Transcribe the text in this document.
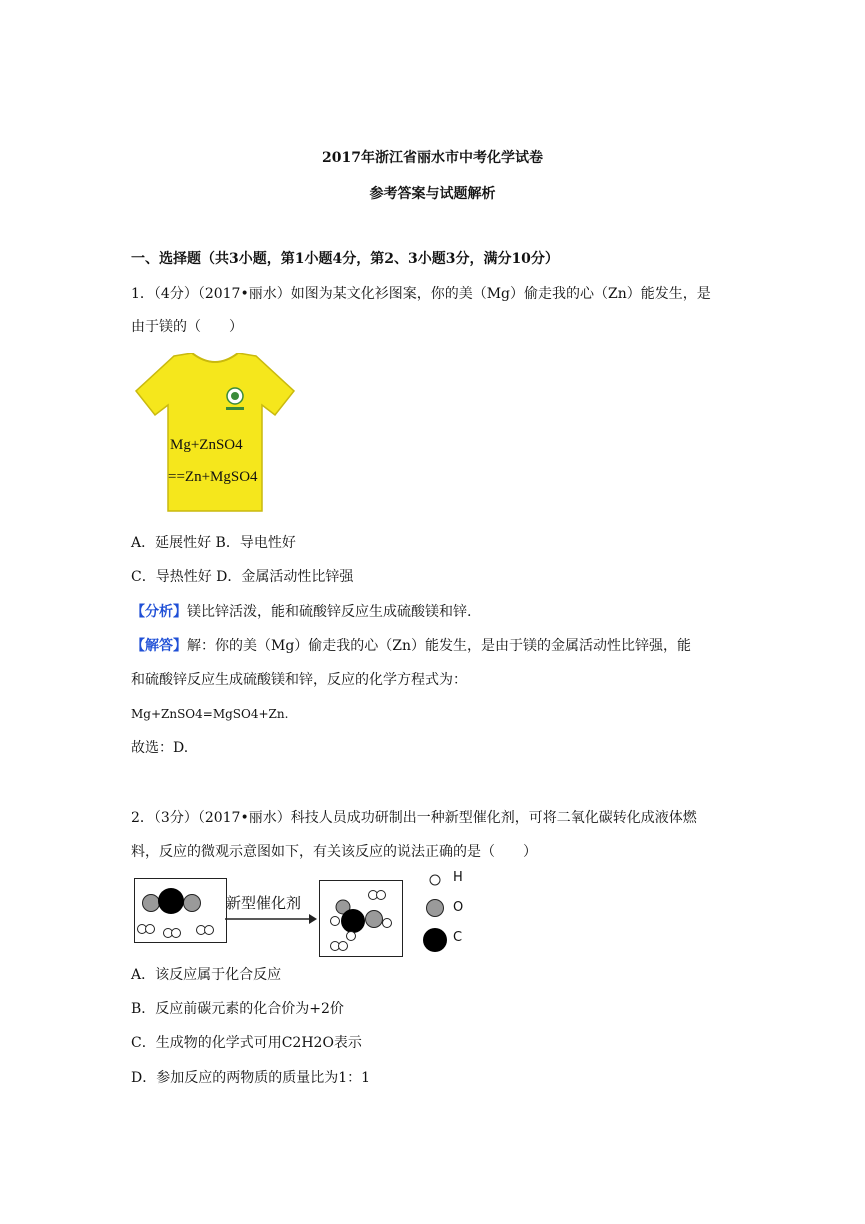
2017年浙江省丽水市中考化学试卷
参考答案与试题解析
一、选择题（共3小题，第1小题4分，第2、3小题3分，满分10分）
1．（4分）（2017•丽水）如图为某文化衫图案，你的美（Mg）偷走我的心（Zn）能发生，是
由于镁的（　　）
Mg+ZnSO4
==Zn+MgSO4
A．延展性好 B．导电性好
C．导热性好 D．金属活动性比锌强
【分析】镁比锌活泼，能和硫酸锌反应生成硫酸镁和锌.
【解答】解：你的美（Mg）偷走我的心（Zn）能发生，是由于镁的金属活动性比锌强，能
和硫酸锌反应生成硫酸镁和锌，反应的化学方程式为：
Mg+ZnSO4=MgSO4+Zn.
故选：D.
2．（3分）（2017•丽水）科技人员成功研制出一种新型催化剂，可将二氧化碳转化成液体燃
料，反应的微观示意图如下，有关该反应的说法正确的是（　　）
新型催化剂
H
O
C
A．该反应属于化合反应
B．反应前碳元素的化合价为+2价
C．生成物的化学式可用C2H2O表示
D．参加反应的两物质的质量比为1：1
